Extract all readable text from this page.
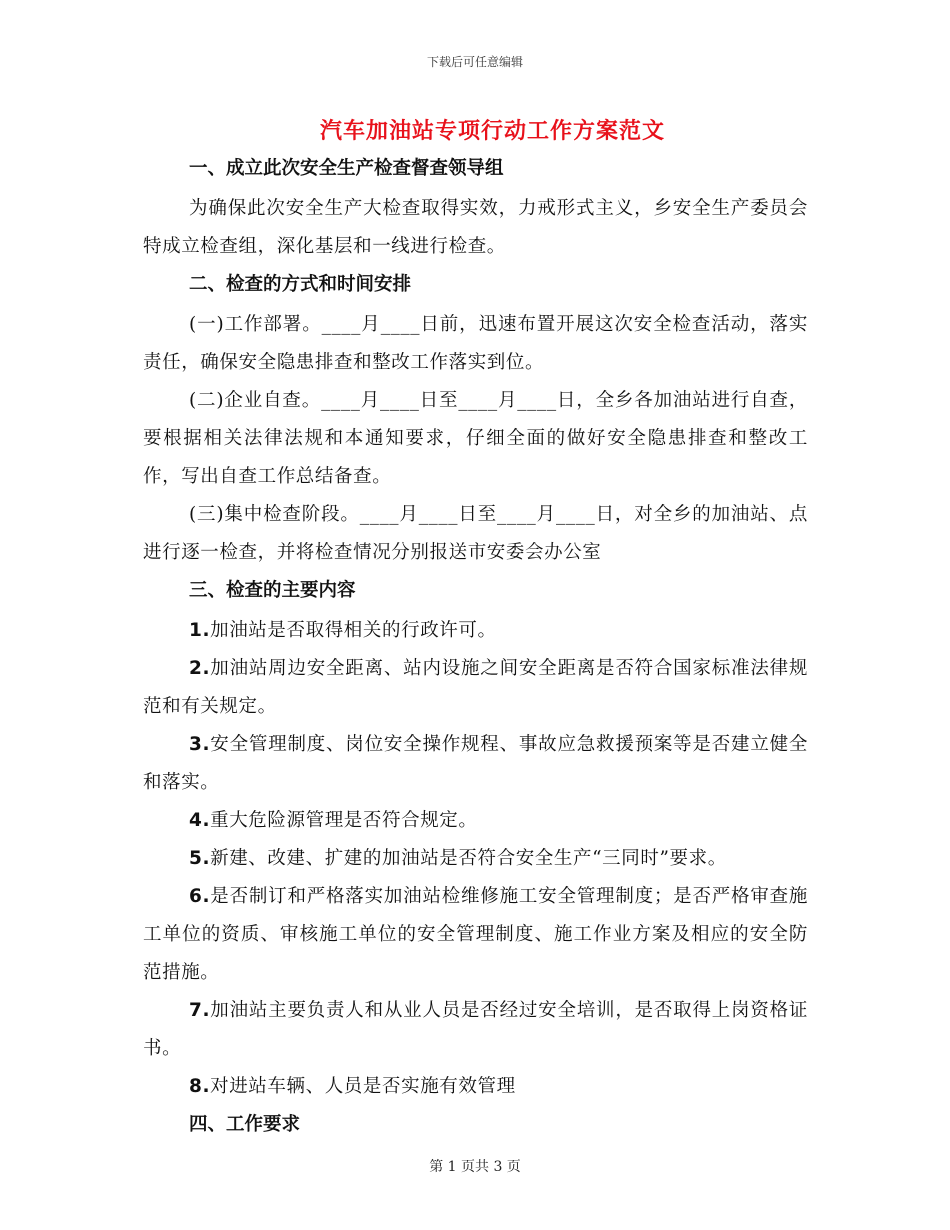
下载后可任意编辑
汽车加油站专项行动工作方案范文
一、成立此次安全生产检查督查领导组
为确保此次安全生产大检查取得实效，力戒形式主义，乡安全生产委员会特成立检查组，深化基层和一线进行检查。
二、检查的方式和时间安排
(一)工作部署。____月____日前，迅速布置开展这次安全检查活动，落实责任，确保安全隐患排查和整改工作落实到位。
(二)企业自查。____月____日至____月____日，全乡各加油站进行自查，要根据相关法律法规和本通知要求，仔细全面的做好安全隐患排查和整改工作，写出自查工作总结备查。
(三)集中检查阶段。____月____日至____月____日，对全乡的加油站、点进行逐一检查，并将检查情况分别报送市安委会办公室
三、检查的主要内容
1.加油站是否取得相关的行政许可。
2.加油站周边安全距离、站内设施之间安全距离是否符合国家标准法律规范和有关规定。
3.安全管理制度、岗位安全操作规程、事故应急救援预案等是否建立健全和落实。
4.重大危险源管理是否符合规定。
5.新建、改建、扩建的加油站是否符合安全生产“三同时”要求。
6.是否制订和严格落实加油站检维修施工安全管理制度；是否严格审查施工单位的资质、审核施工单位的安全管理制度、施工作业方案及相应的安全防范措施。
7.加油站主要负责人和从业人员是否经过安全培训，是否取得上岗资格证书。
8.对进站车辆、人员是否实施有效管理
四、工作要求
第 1 页共 3 页
